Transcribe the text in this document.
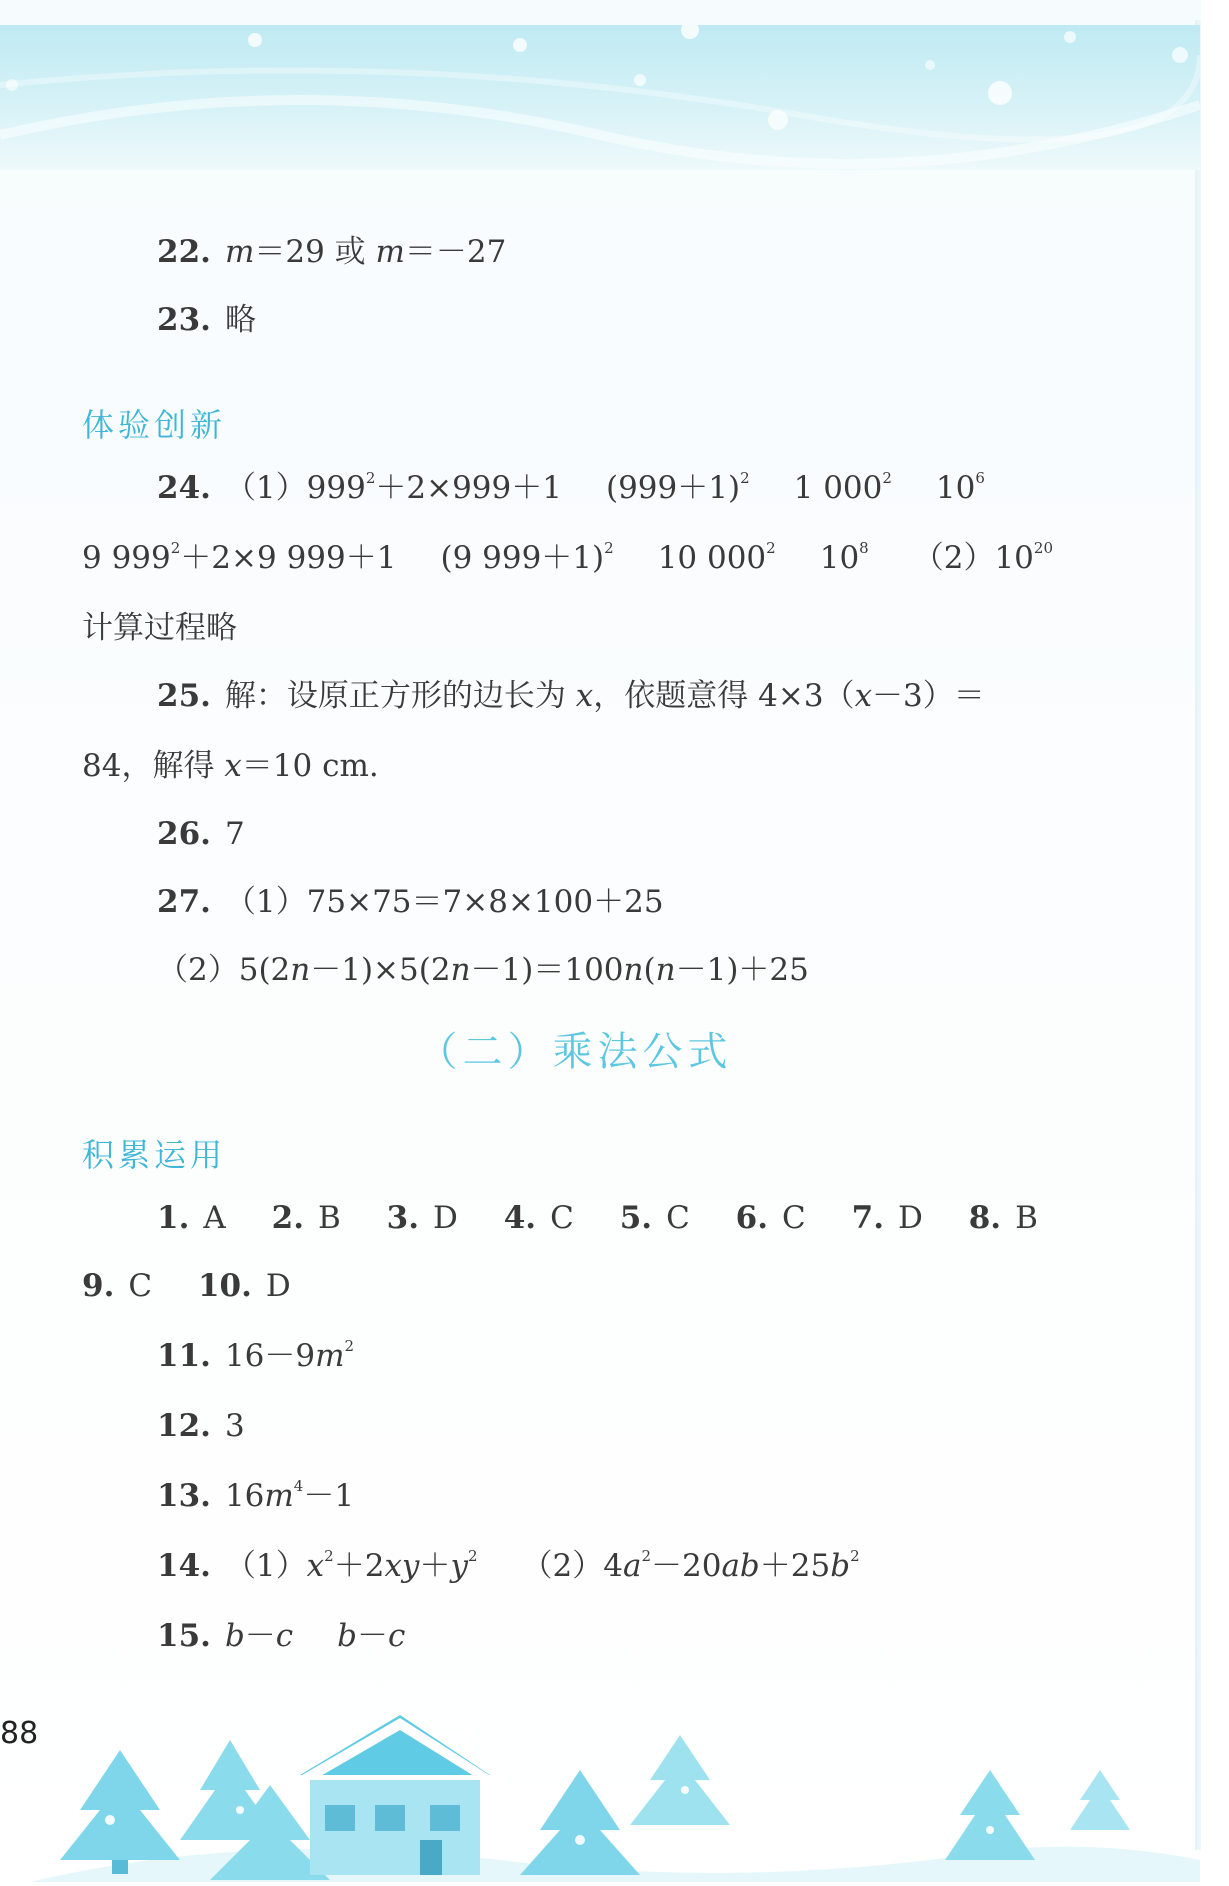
22. m＝29 或 m＝－27
23. 略
体验创新
24. $(1)999^2+2\times 999+1$ $(999+1)^2$ 1 $000^2$ $10^6$
9 $999^2+2\times 9$ 999＋1 (9 999＋1)$^2$ 10 $000^2$ $10^8$ $(2)10^{20}$
计算过程略
25. 解：设原正方形的边长为 x，依题意得 4×3（x－3）＝
84，解得 x＝10 cm.
26. 7
27. （1）75×75＝7×8×100＋25
（2）5(2n－1)×5(2n－1)＝100n(n－1)＋25
（二）乘法公式
积累运用
1. A 2. B 3. D 4. C 5. C 6. C 7. D 8. B
9. C 10. D
11. $16-9m^2$
12. 3
13. $16m^4-1$
14. $(1)x^2+2xy+y^2$ $(2)4a^2-20ab+25b^2$
15. b－c b－c
88
